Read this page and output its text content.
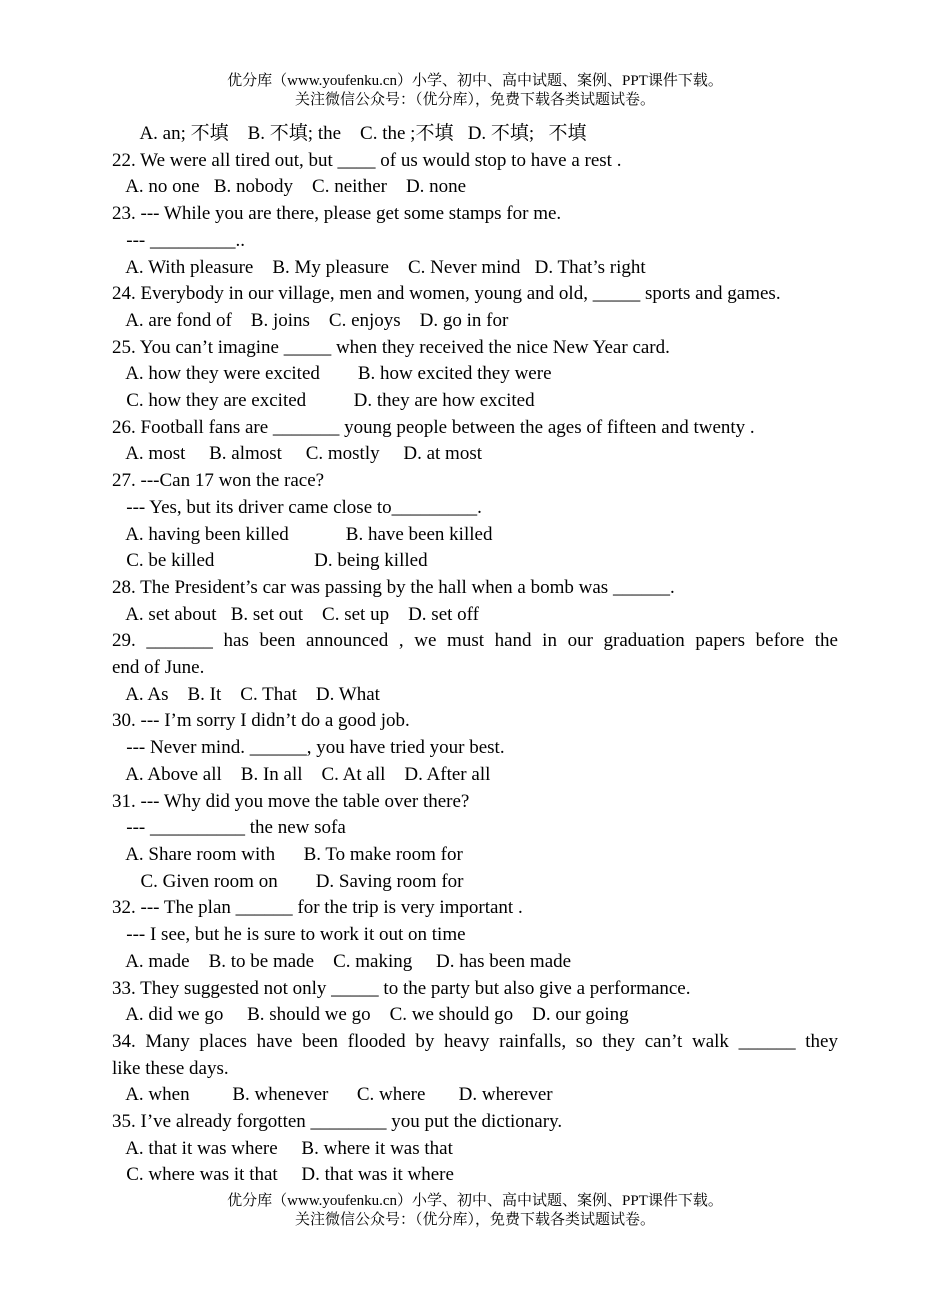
优分库（www.youfenku.cn）小学、初中、高中试题、案例、PPT课件下载。
关注微信公众号：（优分库），免费下载各类试题试卷。
A. an; 不填    B. 不填; the    C. the ;不填   D. 不填;   不填
22. We were all tired out, but ____ of us would stop to have a rest .
A. no one   B. nobody    C. neither    D. none
23. --- While you are there, please get some stamps for me.
--- _________..
A. With pleasure    B. My pleasure    C. Never mind   D. That’s right
24. Everybody in our village, men and women, young and old, _____ sports and games.
A. are fond of    B. joins    C. enjoys    D. go in for
25. You can’t imagine _____ when they received the nice New Year card.
A. how they were excited        B. how excited they were
C. how they are excited          D. they are how excited
26. Football fans are _______ young people between the ages of fifteen and twenty .
A. most     B. almost     C. mostly     D. at most
27. ---Can 17 won the race?
--- Yes, but its driver came close to_________.
A. having been killed            B. have been killed
C. be killed                     D. being killed
28. The President’s car was passing by the hall when a bomb was ______.
A. set about   B. set out    C. set up    D. set off
29. _______ has been announced , we must hand in our graduation papers before the
end of June.
A. As    B. It    C. That    D. What
30. --- I’m sorry I didn’t do a good job.
--- Never mind. ______, you have tried your best.
A. Above all    B. In all    C. At all    D. After all
31. --- Why did you move the table over there?
--- __________ the new sofa
A. Share room with      B. To make room for
C. Given room on        D. Saving room for
32. --- The plan ______ for the trip is very important .
--- I see, but he is sure to work it out on time
A. made    B. to be made    C. making     D. has been made
33. They suggested not only _____ to the party but also give a performance.
A. did we go     B. should we go    C. we should go    D. our going
34. Many places have been flooded by heavy rainfalls, so they can’t walk ______ they
like these days.
A. when         B. whenever      C. where       D. wherever
35. I’ve already forgotten ________ you put the dictionary.
A. that it was where     B. where it was that
C. where was it that     D. that was it where
优分库（www.youfenku.cn）小学、初中、高中试题、案例、PPT课件下载。
关注微信公众号：（优分库），免费下载各类试题试卷。
